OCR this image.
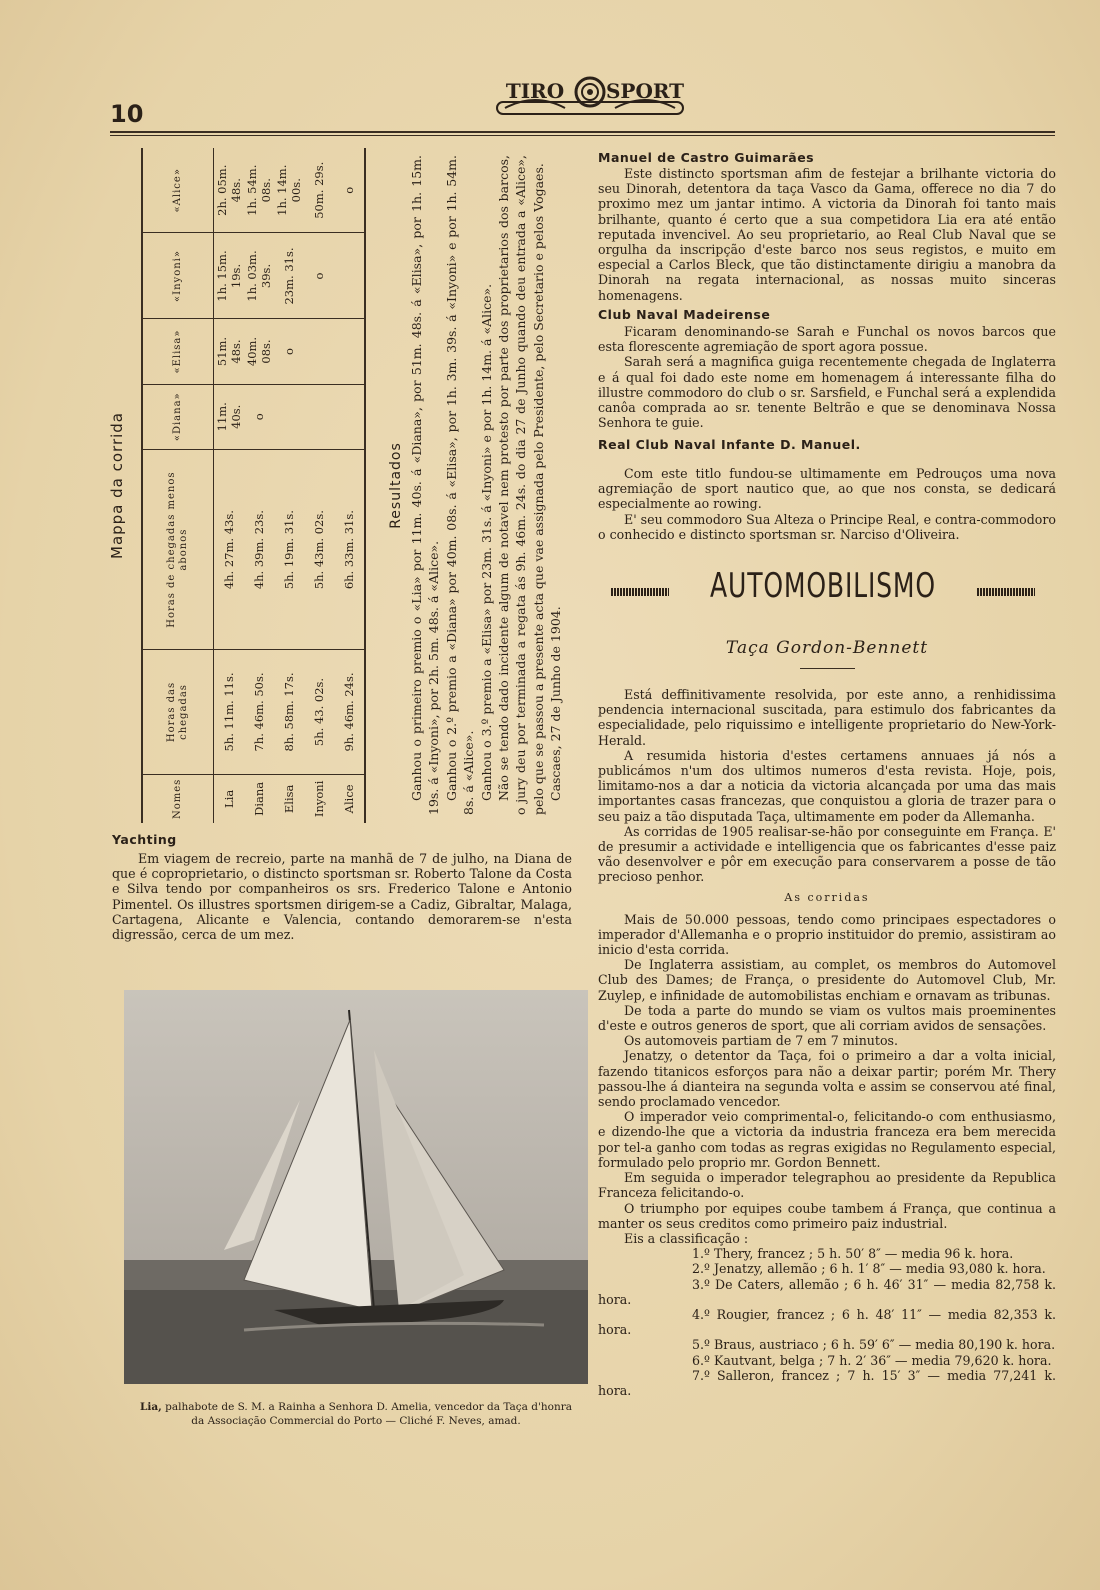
10
TIRO SPORT
Mappa da corrida
Nomes	Horas das chegadas	Horas de chegadas menos abonos	«Diana»	«Elisa»	«Inyoni»	«Alice»
Lia	5h. 11m. 11s.	4h. 27m. 43s.	11m. 40s.	51m. 48s.	1h. 15m. 19s.	2h. 05m. 48s.
Diana	7h. 46m. 50s.	4h. 39m. 23s.	o	40m. 08s.	1h. 03m. 39s.	1h. 54m. 08s.
Elisa	8h. 58m. 17s.	5h. 19m. 31s.		o	23m. 31s.	1h. 14m. 00s.
Inyoni	5h. 43. 02s.	5h. 43m. 02s.			o	50m. 29s.
Alice	9h. 46m. 24s.	6h. 33m. 31s.				o
Resultados Ganhou o primeiro premio o «Lia» por 11m. 40s. á «Diana», por 51m. 48s. á «Elisa», por 1h. 15m. 19s. á «Inyoni», por 2h. 5m. 48s. á «Alice». Ganhou o 2.º premio a «Diana» por 40m. 08s. á «Elisa», por 1h. 3m. 39s. á «Inyoni» e por 1h. 54m. 8s. á «Alice». Ganhou o 3.º premio a «Elisa» por 23m. 31s. á «Inyoni» e por 1h. 14m. á «Alice». Não se tendo dado incidente algum de notavel nem protesto por parte dos proprietarios dos barcos, o jury deu por terminada a regata ás 9h. 46m. 24s. do dia 27 de Junho quando deu entrada a «Alice», pelo que se passou a presente acta que vae assignada pelo Presidente, pelo Secretario e pelos Vogaes. Cascaes, 27 de Junho de 1904.

Yachting

Em viagem de recreio, parte na manhã de 7 de julho, na Diana de que é coproprietario, o distincto sportsman sr. Roberto Talone da Costa e Silva tendo por companheiros os srs. Frederico Talone e Antonio Pimentel. Os illustres sportsmen dirigem-se a Cadiz, Gibraltar, Malaga, Cartagena, Alicante e Valencia, contando demorarem-se n'esta digressão, cerca de um mez.

Lia, palhabote de S. M. a Rainha a Senhora D. Amelia, vencedor da Taça d'honra
da Associação Commercial do Porto — Cliché F. Neves, amad.
Manuel de Castro Guimarães

Este distincto sportsman afim de festejar a brilhante victoria do seu Dinorah, detentora da taça Vasco da Gama, offerece no dia 7 do proximo mez um jantar intimo. A victoria da Dinorah foi tanto mais brilhante, quanto é certo que a sua competidora Lia era até então reputada invencivel. Ao seu proprietario, ao Real Club Naval que se orgulha da inscripção d'este barco nos seus registos, e muito em especial a Carlos Bleck, que tão distinctamente dirigiu a manobra da Dinorah na regata internacional, as nossas muito sinceras homenagens.

Club Naval Madeirense

Ficaram denominando-se Sarah e Funchal os novos barcos que esta florescente agremiação de sport agora possue.

Sarah será a magnifica guiga recentemente chegada de Inglaterra e á qual foi dado este nome em homenagem á interessante filha do illustre commodoro do club o sr. Sarsfield, e Funchal será a explendida canôa comprada ao sr. tenente Beltrão e que se denominava Nossa Senhora te guie.

Real Club Naval Infante D. Manuel.

Com este titlo fundou-se ultimamente em Pedrouços uma nova agremiação de sport nautico que, ao que nos consta, se dedicará especialmente ao rowing.

E' seu commodoro Sua Alteza o Principe Real, e contra-commodoro o conhecido e distincto sportsman sr. Narciso d'Oliveira.

AUTOMOBILISMO
Taça Gordon-Bennett

Está deffinitivamente resolvida, por este anno, a renhidissima pendencia internacional suscitada, para estimulo dos fabricantes da especialidade, pelo riquissimo e intelligente proprietario do New-York-Herald.

A resumida historia d'estes certamens annuaes já nós a publicámos n'um dos ultimos numeros d'esta revista. Hoje, pois, limitamo-nos a dar a noticia da victoria alcançada por uma das mais importantes casas francezas, que conquistou a gloria de trazer para o seu paiz a tão disputada Taça, ultimamente em poder da Allemanha.

As corridas de 1905 realisar-se-hão por conseguinte em França. E' de presumir a actividade e intelligencia que os fabricantes d'esse paiz vão desenvolver e pôr em execução para conservarem a posse de tão precioso penhor.

As corridas

Mais de 50.000 pessoas, tendo como principaes espectadores o imperador d'Allemanha e o proprio instituidor do premio, assistiram ao inicio d'esta corrida.

De Inglaterra assistiam, au complet, os membros do Automovel Club des Dames; de França, o presidente do Automovel Club, Mr. Zuylep, e infinidade de automobilistas enchiam e ornavam as tribunas.

De toda a parte do mundo se viam os vultos mais proeminentes d'este e outros generos de sport, que ali corriam avidos de sensações.

Os automoveis partiam de 7 em 7 minutos.

Jenatzy, o detentor da Taça, foi o primeiro a dar a volta inicial, fazendo titanicos esforços para não a deixar partir; porém Mr. Thery passou-lhe á dianteira na segunda volta e assim se conservou até final, sendo proclamado vencedor.

O imperador veio comprimental-o, felicitando-o com enthusiasmo, e dizendo-lhe que a victoria da industria franceza era bem merecida por tel-a ganho com todas as regras exigidas no Regulamento especial, formulado pelo proprio mr. Gordon Bennett.

Em seguida o imperador telegraphou ao presidente da Republica Franceza felicitando-o.

O triumpho por equipes coube tambem á França, que continua a manter os seus creditos como primeiro paiz industrial.

Eis a classificação :

1.º Thery, francez ; 5 h. 50′ 8″ — media 96 k. hora.

2.º Jenatzy, allemão ; 6 h. 1′ 8″ — media 93,080 k. hora.

3.º De Caters, allemão ; 6 h. 46′ 31″ — media 82,758 k. hora.

4.º Rougier, francez ; 6 h. 48′ 11″ — media 82,353 k. hora.

5.º Braus, austriaco ; 6 h. 59′ 6″ — media 80,190 k. hora.

6.º Kautvant, belga ; 7 h. 2′ 36″ — media 79,620 k. hora.

7.º Salleron, francez ; 7 h. 15′ 3″ — media 77,241 k. hora.
